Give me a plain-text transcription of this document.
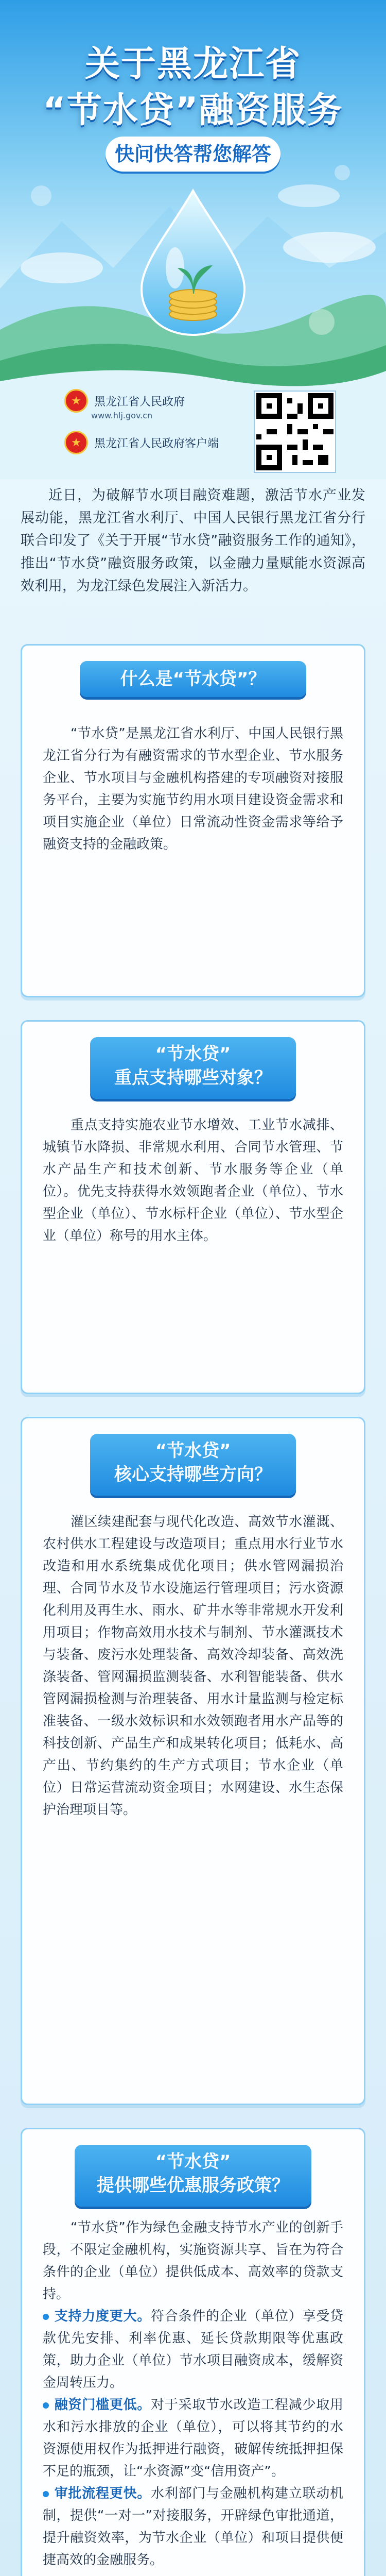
关于黑龙江省
“节水贷”融资服务
快问快答帮您解答
★	黑龙江省人民政府
www.hlj.gov.cn
★	黑龙江省人民政府客户端

近日，为破解节水项目融资难题，激活节水产业发展动能，黑龙江省水利厅、中国人民银行黑龙江省分行联合印发了《关于开展“节水贷”融资服务工作的通知》，推出“节水贷”融资服务政策，以金融力量赋能水资源高效利用，为龙江绿色发展注入新活力。

什么是“节水贷”？

“节水贷”是黑龙江省水利厅、中国人民银行黑龙江省分行为有融资需求的节水型企业、节水服务企业、节水项目与金融机构搭建的专项融资对接服务平台，主要为实施节约用水项目建设资金需求和项目实施企业（单位）日常流动性资金需求等给予融资支持的金融政策。

“节水贷”
重点支持哪些对象？

重点支持实施农业节水增效、工业节水减排、城镇节水降损、非常规水利用、合同节水管理、节水产品生产和技术创新、节水服务等企业（单位）。优先支持获得水效领跑者企业（单位）、节水型企业（单位）、节水标杆企业（单位）、节水型企业（单位）称号的用水主体。

“节水贷”
核心支持哪些方向？

灌区续建配套与现代化改造、高效节水灌溉、农村供水工程建设与改造项目；重点用水行业节水改造和用水系统集成优化项目；供水管网漏损治理、合同节水及节水设施运行管理项目；污水资源化利用及再生水、雨水、矿井水等非常规水开发利用项目；作物高效用水技术与制剂、节水灌溉技术与装备、废污水处理装备、高效冷却装备、高效洗涤装备、管网漏损监测装备、水利智能装备、供水管网漏损检测与治理装备、用水计量监测与检定标准装备、一级水效标识和水效领跑者用水产品等的科技创新、产品生产和成果转化项目；低耗水、高产出、节约集约的生产方式项目；节水企业（单位）日常运营流动资金项目；水网建设、水生态保护治理项目等。

“节水贷”
提供哪些优惠服务政策？

“节水贷”作为绿色金融支持节水产业的创新手段，不限定金融机构，实施资源共享、旨在为符合条件的企业（单位）提供低成本、高效率的贷款支持。

支持力度更大。符合条件的企业（单位）享受贷款优先安排、利率优惠、延长贷款期限等优惠政策，助力企业（单位）节水项目融资成本，缓解资金周转压力。

融资门槛更低。对于采取节水改造工程减少取用水和污水排放的企业（单位），可以将其节约的水资源使用权作为抵押进行融资，破解传统抵押担保不足的瓶颈，让“水资源”变“信用资产”。

审批流程更快。水利部门与金融机构建立联动机制，提供“一对一”对接服务，开辟绿色审批通道，提升融资效率，为节水企业（单位）和项目提供便捷高效的金融服务。
